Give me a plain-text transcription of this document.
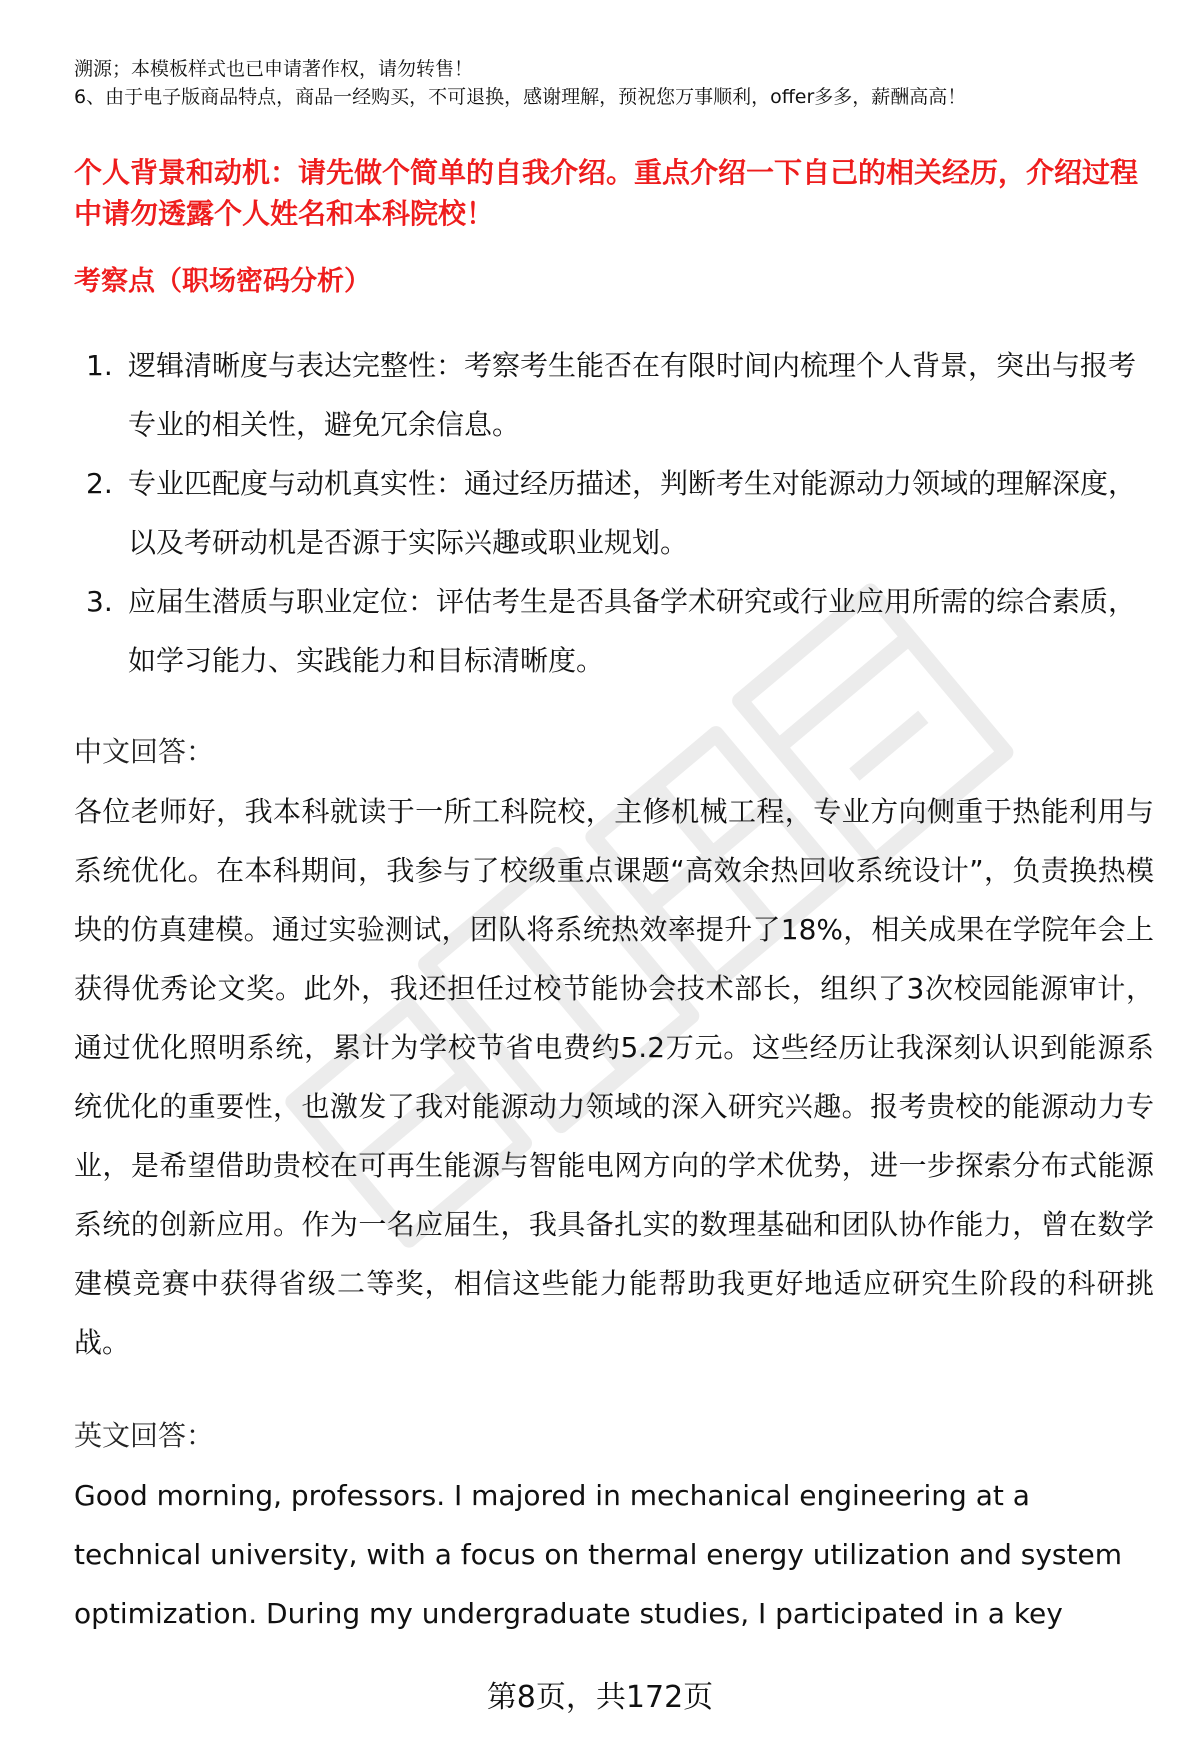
溯源；本模板样式也已申请著作权，请勿转售！
6、由于电子版商品特点，商品一经购买，不可退换，感谢理解，预祝您万事顺利，offer多多，薪酬高高！
个人背景和动机：请先做个简单的自我介绍。重点介绍一下自己的相关经历，介绍过程中请勿透露个人姓名和本科院校！
考察点（职场密码分析）
1. 逻辑清晰度与表达完整性：考察考生能否在有限时间内梳理个人背景，突出与报考专业的相关性，避免冗余信息。
2. 专业匹配度与动机真实性：通过经历描述，判断考生对能源动力领域的理解深度，以及考研动机是否源于实际兴趣或职业规划。
3. 应届生潜质与职业定位：评估考生是否具备学术研究或行业应用所需的综合素质，如学习能力、实践能力和目标清晰度。
中文回答：
各位老师好，我本科就读于一所工科院校，主修机械工程，专业方向侧重于热能利用与系统优化。在本科期间，我参与了校级重点课题“高效余热回收系统设计”，负责换热模块的仿真建模。通过实验测试，团队将系统热效率提升了18%，相关成果在学院年会上获得优秀论文奖。此外，我还担任过校节能协会技术部长，组织了3次校园能源审计，通过优化照明系统，累计为学校节省电费约5.2万元。这些经历让我深刻认识到能源系统优化的重要性，也激发了我对能源动力领域的深入研究兴趣。报考贵校的能源动力专业，是希望借助贵校在可再生能源与智能电网方向的学术优势，进一步探索分布式能源系统的创新应用。作为一名应届生，我具备扎实的数理基础和团队协作能力，曾在数学建模竞赛中获得省级二等奖，相信这些能力能帮助我更好地适应研究生阶段的科研挑战。
英文回答：
Good morning, professors. I majored in mechanical engineering at a technical university, with a focus on thermal energy utilization and system optimization. During my undergraduate studies, I participated in a key
第8页，共172页
